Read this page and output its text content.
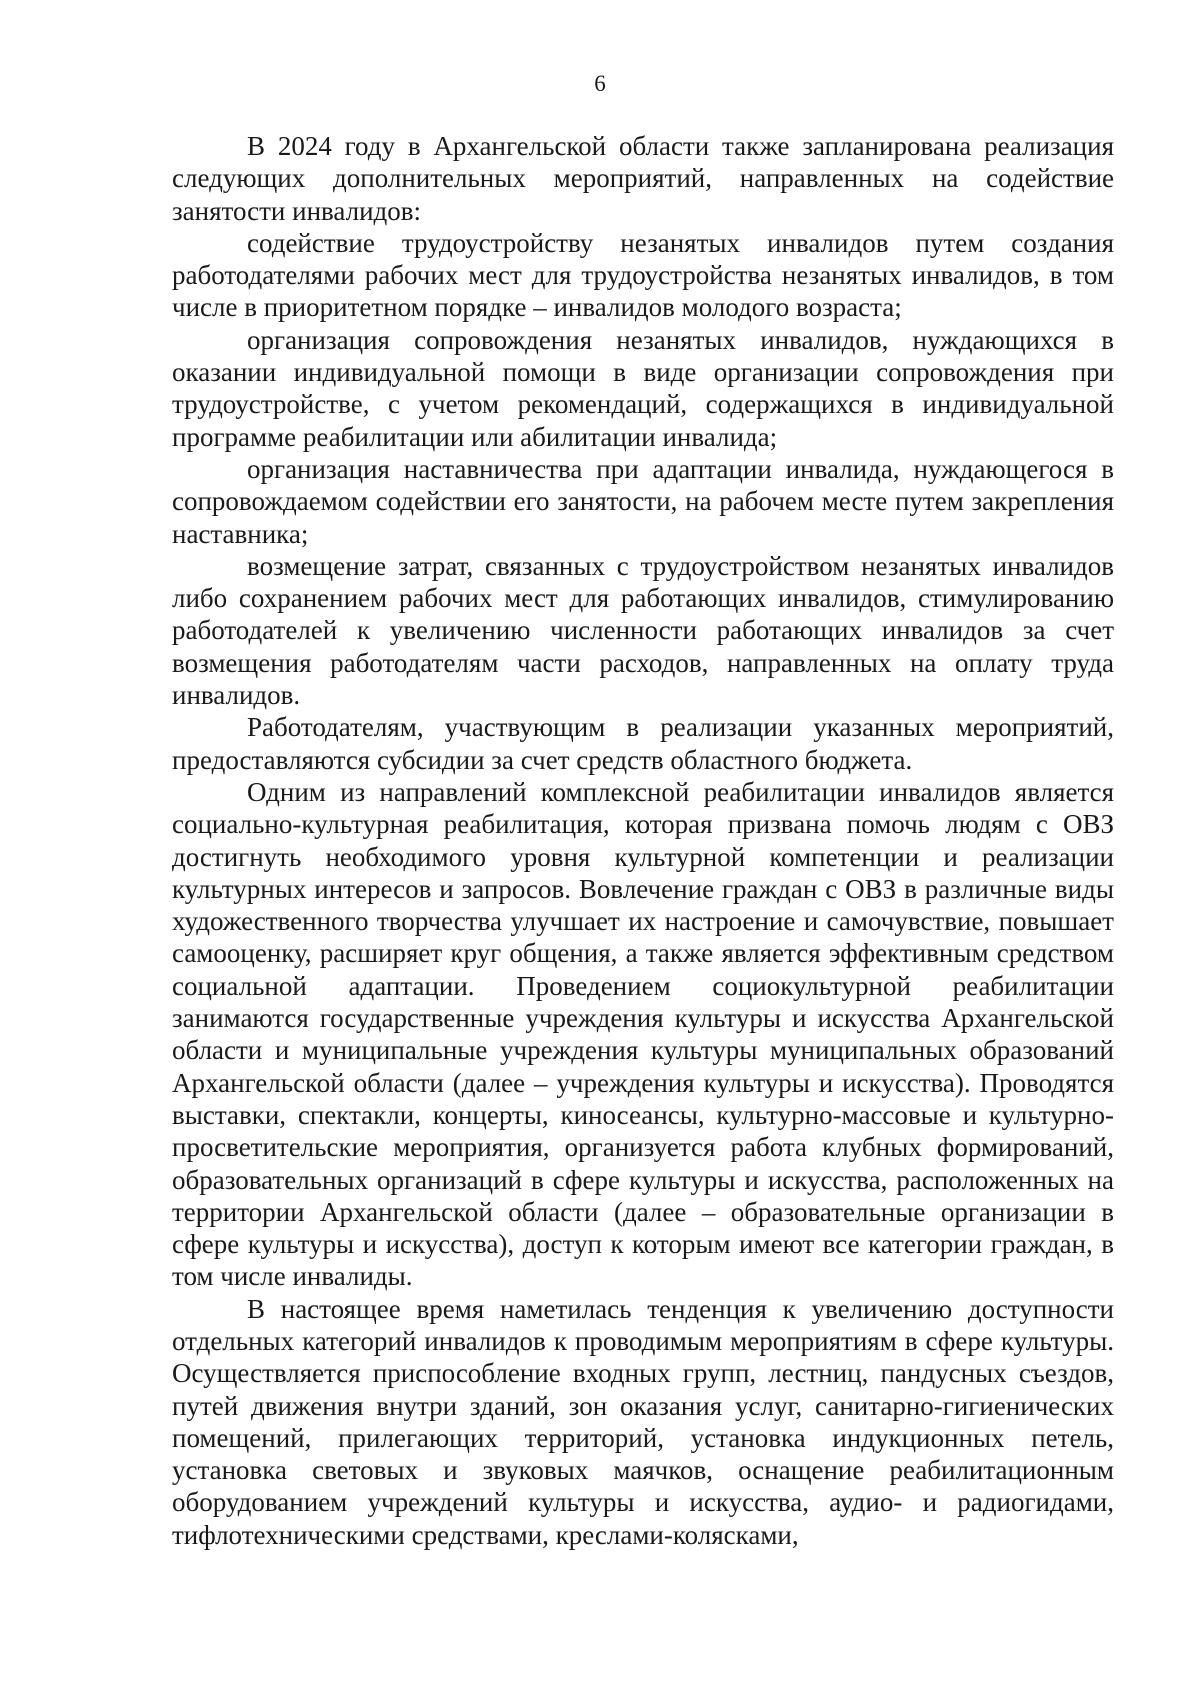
6

В 2024 году в Архангельской области также запланирована реализация следующих дополнительных мероприятий, направленных на содействие занятости инвалидов:

содействие трудоустройству незанятых инвалидов путем создания работодателями рабочих мест для трудоустройства незанятых инвалидов, в том числе в приоритетном порядке – инвалидов молодого возраста;

организация сопровождения незанятых инвалидов, нуждающихся в оказании индивидуальной помощи в виде организации сопровождения при трудоустройстве, с учетом рекомендаций, содержащихся в индивидуальной программе реабилитации или абилитации инвалида;

организация наставничества при адаптации инвалида, нуждающегося в сопровождаемом содействии его занятости, на рабочем месте путем закрепления наставника;

возмещение затрат, связанных с трудоустройством незанятых инвалидов либо сохранением рабочих мест для работающих инвалидов, стимулированию работодателей к увеличению численности работающих инвалидов за счет возмещения работодателям части расходов, направленных на оплату труда инвалидов.

Работодателям, участвующим в реализации указанных мероприятий, предоставляются субсидии за счет средств областного бюджета.

Одним из направлений комплексной реабилитации инвалидов является социально-культурная реабилитация, которая призвана помочь людям с ОВЗ достигнуть необходимого уровня культурной компетенции и реализации культурных интересов и запросов. Вовлечение граждан с ОВЗ в различные виды художественного творчества улучшает их настроение и самочувствие, повышает самооценку, расширяет круг общения, а также является эффективным средством социальной адаптации. Проведением социокультурной реабилитации занимаются государственные учреждения культуры и искусства Архангельской области и муниципальные учреждения культуры муниципальных образований Архангельской области (далее – учреждения культуры и искусства). Проводятся выставки, спектакли, концерты, киносеансы, культурно-массовые и культурно-просветительские мероприятия, организуется работа клубных формирований, образовательных организаций в сфере культуры и искусства, расположенных на территории Архангельской области (далее – образовательные организации в сфере культуры и искусства), доступ к которым имеют все категории граждан, в том числе инвалиды.

В настоящее время наметилась тенденция к увеличению доступности отдельных категорий инвалидов к проводимым мероприятиям в сфере культуры. Осуществляется приспособление входных групп, лестниц, пандусных съездов, путей движения внутри зданий, зон оказания услуг, санитарно-гигиенических помещений, прилегающих территорий, установка индукционных петель, установка световых и звуковых маячков, оснащение реабилитационным оборудованием учреждений культуры и искусства, аудио- и радиогидами, тифлотехническими средствами, креслами-колясками,
